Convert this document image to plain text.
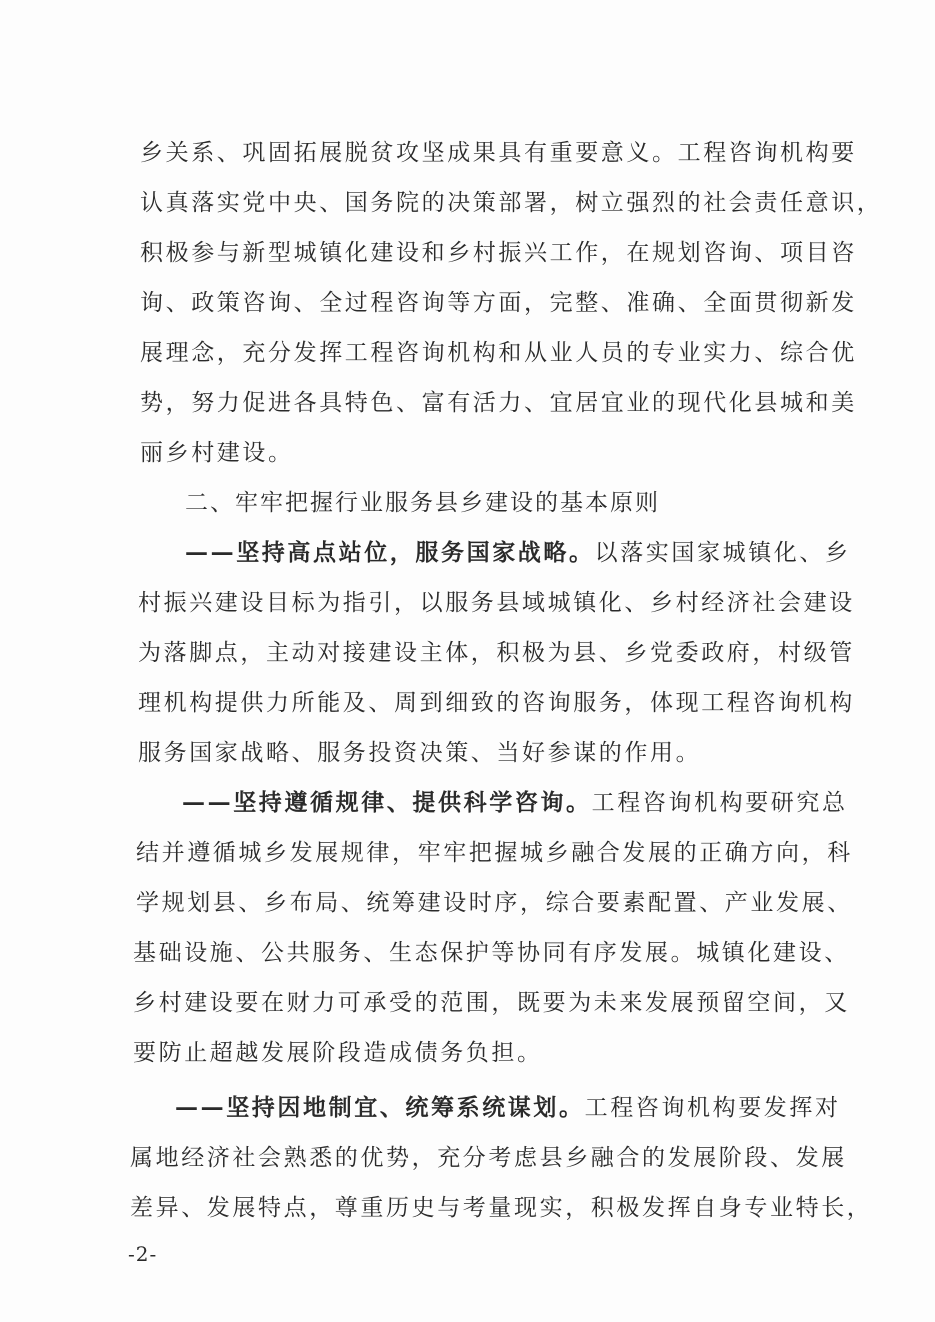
乡关系、巩固拓展脱贫攻坚成果具有重要意义。工程咨询机构要
认真落实党中央、国务院的决策部署，树立强烈的社会责任意识，
积极参与新型城镇化建设和乡村振兴工作，在规划咨询、项目咨
询、政策咨询、全过程咨询等方面，完整、准确、全面贯彻新发
展理念，充分发挥工程咨询机构和从业人员的专业实力、综合优
势，努力促进各具特色、富有活力、宜居宜业的现代化县城和美
丽乡村建设。
二、牢牢把握行业服务县乡建设的基本原则
——坚持高点站位，服务国家战略。以落实国家城镇化、乡
村振兴建设目标为指引，以服务县域城镇化、乡村经济社会建设
为落脚点，主动对接建设主体，积极为县、乡党委政府，村级管
理机构提供力所能及、周到细致的咨询服务，体现工程咨询机构
服务国家战略、服务投资决策、当好参谋的作用。
——坚持遵循规律、提供科学咨询。工程咨询机构要研究总
结并遵循城乡发展规律，牢牢把握城乡融合发展的正确方向，科
学规划县、乡布局、统筹建设时序，综合要素配置、产业发展、
基础设施、公共服务、生态保护等协同有序发展。城镇化建设、
乡村建设要在财力可承受的范围，既要为未来发展预留空间，又
要防止超越发展阶段造成债务负担。
——坚持因地制宜、统筹系统谋划。工程咨询机构要发挥对
属地经济社会熟悉的优势，充分考虑县乡融合的发展阶段、发展
差异、发展特点，尊重历史与考量现实，积极发挥自身专业特长，
-2-
